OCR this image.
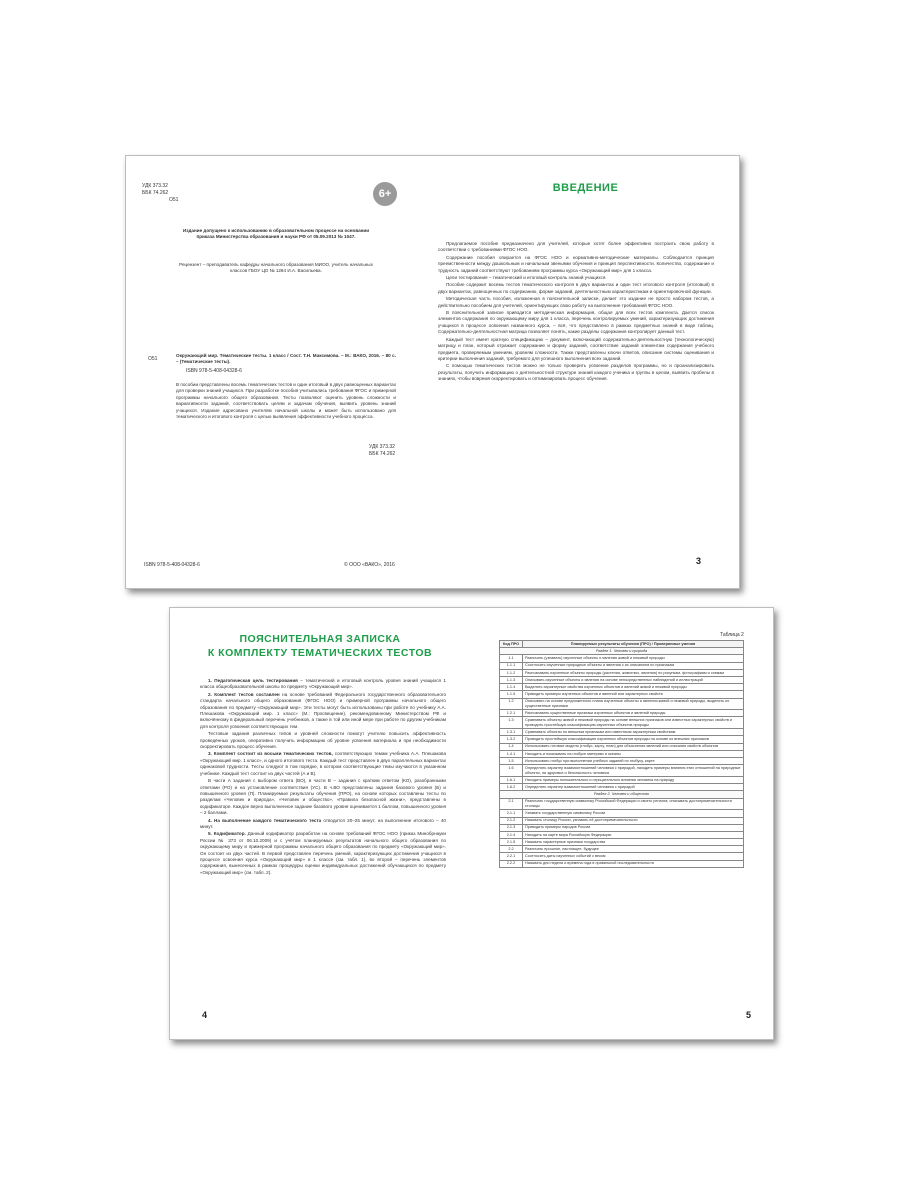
УДК 373.32
ББК 74.262
О51	6+
Издание допущено к использованию в образовательном процессе на основании приказа Министерства образования и науки РФ от 05.09.2013 № 1047.
Рецензент – преподаватель кафедры начального образования МИОО, учитель начальных классов ГБОУ ЦО № 1284 И.А. Васильева.
О51
Окружающий мир. Тематические тесты. 1 класс / Сост. Т.Н. Максимова. – М.: ВАКО, 2016. – 80 с. – (Тематические тесты).
ISBN 978-5-408-04328-6
В пособии представлены восемь тематических тестов и один итоговый в двух равноценных вариантах для проверки знаний учащихся. При разработке пособия учитывались требования ФГОС и примерной программы начального общего образования. Тесты позволяют оценить уровень сложности и вариативности заданий, соответствовать целям и задачам обучения, выявить уровень знаний учащихся. Издание адресовано учителям начальной школы и может быть использовано для тематического и итогового контроля с целью выявления эффективности учебного процесса.
УДК 373.32
ББК 74.262
ISBN 978-5-408-04328-6	© ООО «ВАКО», 2016
ВВЕДЕНИЕ

Предлагаемое пособие предназначено для учителей, которые хотят более эффективно построить свою работу в соответствии с требованиями ФГОС НОО.

Содержание пособия опирается на ФГОС НОО и нормативно-методические материалы. Соблюдается принцип преемственности между дошкольным и начальным звеньями обучения и принцип перспективности. Количество, содержание и трудность заданий соответствуют требованиям программы курса «Окружающий мир» для 1 класса.

Цели тестирования – тематический и итоговый контроль знаний учащихся.

Пособие содержит восемь тестов тематического контроля в двух вариантах и один тест итогового контроля (итоговый) в двух вариантах, равноценных по содержанию, форме заданий, деятельностным характеристикам и ориентировочной функции.

Методическая часть пособия, изложенная в пояснительной записке, делает это издание не просто набором тестов, а действительно пособием для учителей, ориентирующих свою работу на выполнение требований ФГОС НОО.

В пояснительной записке приводится методическая информация, общая для всех тестов комплекта. Дается список элементов содержания по окружающему миру для 1 класса, перечень контролируемых умений, характеризующих достижения учащихся в процессе освоения названного курса, – всё, что представлено в рамках предметных знаний в виде таблиц. Содержательно-деятельностная матрица позволяет понять, какие разделы содержания контролирует данный тест.

Каждый тест имеет кратную спецификацию – документ, включающий содержательно-деятельностную (технологическую) матрицу и план, который отражает содержание и форму заданий, соответствие заданий элементам содержания учебного предмета, проверяемым умениям, уровням сложности. Также представлены ключи ответов, описание системы оценивания и критерии выполнения заданий, требуемого для успешного выполнения всех заданий.

С помощью тематических тестов можно не только проверить усвоение разделов программы, но и проанализировать результаты, получить информацию о деятельностной структуре знаний каждого ученика и группы в целом, выявить пробелы в знаниях, чтобы вовремя скорректировать и оптимизировать процесс обучения.

3
ПОЯСНИТЕЛЬНАЯ ЗАПИСКА
К КОМПЛЕКТУ ТЕМАТИЧЕСКИХ ТЕСТОВ

1. Педагогическая цель тестирования – тематический и итоговый контроль уровня знаний учащихся 1 класса общеобразовательной школы по предмету «Окружающий мир».

2. Комплект тестов составлен на основе требований Федерального государственного образовательного стандарта начального общего образования (ФГОС НОО) и примерной программы начального общего образования по предмету «Окружающий мир». Эти тесты могут быть использованы при работе по учебнику А.А. Плешакова «Окружающий мир. 1 класс» (М.: Просвещение), рекомендованному Министерством РФ и включённому в федеральный перечень учебников, а также в той или иной мере при работе по другим учебникам для контроля усвоения соответствующих тем.

Тестовые задания различных типов и уровней сложности помогут учителю повысить эффективность проведённых уроков, оперативно получить информацию об уровне усвоения материала и при необходимости скорректировать процесс обучения.

3. Комплект состоит из восьми тематических тестов, соответствующих темам учебника А.А. Плешакова «Окружающий мир. 1 класс», и одного итогового теста. Каждый тест представлен в двух параллельных вариантах одинаковой трудности. Тесты следуют в том порядке, в котором соответствующие темы изучаются в указанном учебнике. Каждый тест состоит из двух частей (А и В).

В части А задания с выбором ответа (ВО), в части В – задания с кратким ответом (КО), разобранными ответами (РО) и на установление соответствия (УС). В ч.ВО представлены задания базового уровня (Б) и повышенного уровня (П). Планируемые результаты обучения (ПРО), на основе которых составлены тесты по разделам «Человек и природа», «Человек и общество», «Правила безопасной жизни», представлены в кодификаторе. Каждое верно выполненное задание базового уровня оценивается 1 баллом, повышенного уровня – 2 баллами.

4. На выполнение каждого тематического теста отводится 20–25 минут, на выполнение итогового – 40 минут.

5. Кодификатор. Данный кодификатор разработан на основе требований ФГОС НОО (приказ Минобрнауки России № 373 от 06.10.2009) и с учётом планируемых результатов начального общего образования по окружающему миру и примерной программы начального общего образования по предмету «Окружающий мир». Он состоит из двух частей. В первой представлен перечень умений, характеризующих достижения учащихся в процессе освоения курса «Окружающий мир» в 1 классе (см. табл. 1), во второй – перечень элементов содержания, вынесенных в рамках процедуры оценки индивидуальных достижений обучающихся по предмету «Окружающий мир» (см. табл. 2).

4
Таблица 2
Код ПРО	Планируемые результаты обучения (ПРО) / Проверяемые умения
Раздел 1. Человек и природа	
1.1	Различать (узнавать) изученные объекты и явления живой и неживой природы
1.1.1	Соотносить изученные природные объекты и явления с их описанием по признакам
1.1.2	Распознавать изученные объекты природы (растения, животных, явления) по рисункам, фотографиям и схемам
1.1.3	Описывать изученные объекты и явления на основе непосредственных наблюдений и иллюстраций
1.1.4	Выделять характерные свойства изученных объектов и явлений живой и неживой природы
1.1.5	Приводить примеры изученных объектов и явлений или характерных свойств
1.2	Описывать на основе предложенного плана изученные объекты и явления живой и неживой природы, выделять их существенные признаки
1.2.1	Распознавать существенные признаки изученных объектов и явлений природы
1.3	Сравнивать объекты живой и неживой природы на основе внешних признаков или известных характерных свойств и проводить простейшую классификацию изученных объектов природы
1.3.1	Сравнивать объекты по внешним признакам или известным характерным свойствам
1.3.2	Проводить простейшую классификацию изученных объектов природы на основе их внешних признаков
1.4	Использовать готовые модели (глобус, карту, план) для объяснения явлений или описания свойств объектов
1.4.1	Находить и показывать на глобусе материки и океаны
1.5	Использовать глобус при выполнении учебных заданий по глобусу, карте
1.6	Определять характер взаимоотношений человека с природой, находить примеры влияния этих отношений на природные объекты, на здоровье и безопасность человека
1.6.1	Находить примеры положительного и отрицательного влияния человека на природу
1.6.2	Определять характер взаимоотношений человека с природой
Раздел 2. Человек и общество	
2.1	Различать государственную символику Российской Федерации и своего региона; описывать достопримечательности столицы
2.1.1	Узнавать государственную символику России
2.1.2	Называть столицу России, узнавать её достопримечательности
2.1.3	Приводить примеры народов России
2.1.4	Находить на карте мира Российскую Федерацию
2.1.5	Называть характерные признаки государства
2.2	Различать прошлое, настоящее, будущее
2.2.1	Соотносить даты изученных событий с веком
2.2.2	Называть дни недели и времена года в правильной последовательности
5
